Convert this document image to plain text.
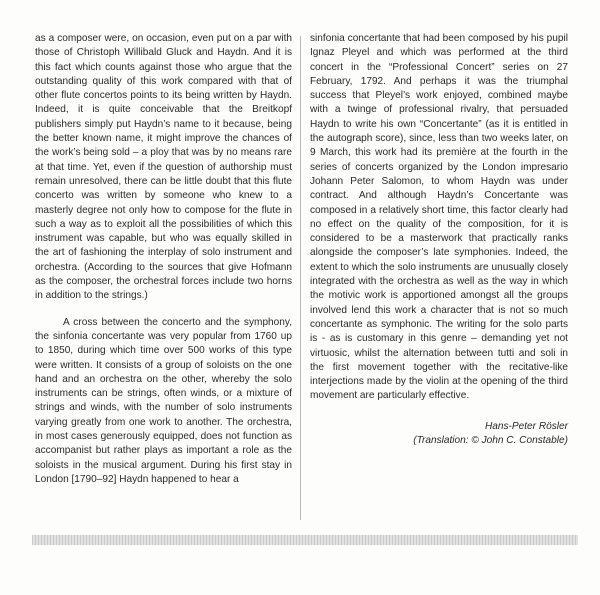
as a composer were, on occasion, even put on a par with those of Christoph Willibald Gluck and Haydn. And it is this fact which counts against those who argue that the outstanding quality of this work compared with that of other flute concertos points to its being written by Haydn. Indeed, it is quite conceivable that the Breitkopf publishers simply put Haydn’s name to it because, being the better known name, it might improve the chances of the work’s being sold – a ploy that was by no means rare at that time. Yet, even if the question of authorship must remain unresolved, there can be little doubt that this flute concerto was written by someone who knew to a masterly degree not only how to compose for the flute in such a way as to exploit all the possibilities of which this instrument was capable, but who was equally skilled in the art of fashioning the interplay of solo instrument and orchestra. (According to the sources that give Hofmann as the composer, the orchestral forces include two horns in addition to the strings.)

A cross between the concerto and the symphony, the sinfonia concertante was very popular from 1760 up to 1850, during which time over 500 works of this type were written. It consists of a group of soloists on the one hand and an orchestra on the other, whereby the solo instruments can be strings, often winds, or a mixture of strings and winds, with the number of solo instruments varying greatly from one work to another. The orchestra, in most cases generously equipped, does not function as accompanist but rather plays as important a role as the soloists in the musical argument. During his first stay in London [1790–92] Haydn happened to hear a

sinfonia concertante that had been composed by his pupil Ignaz Pleyel and which was performed at the third concert in the “Professional Concert” series on 27 February, 1792. And perhaps it was the triumphal success that Pleyel’s work enjoyed, combined maybe with a twinge of professional rivalry, that persuaded Haydn to write his own “Concertante” (as it is entitled in the autograph score), since, less than two weeks later, on 9 March, this work had its première at the fourth in the series of concerts organized by the London impresario Johann Peter Salomon, to whom Haydn was under contract. And although Haydn’s Concertante was composed in a relatively short time, this factor clearly had no effect on the quality of the composition, for it is considered to be a masterwork that practically ranks alongside the composer’s late symphonies. Indeed, the extent to which the solo instruments are unusually closely integrated with the orchestra as well as the way in which the motivic work is apportioned amongst all the groups involved lend this work a character that is not so much concertante as symphonic. The writing for the solo parts is - as is customary in this genre – demanding yet not virtuosic, whilst the alternation between tutti and soli in the first movement together with the recitative-like interjections made by the violin at the opening of the third movement are particularly effective.

Hans-Peter Rösler

(Translation: © John C. Constable)
